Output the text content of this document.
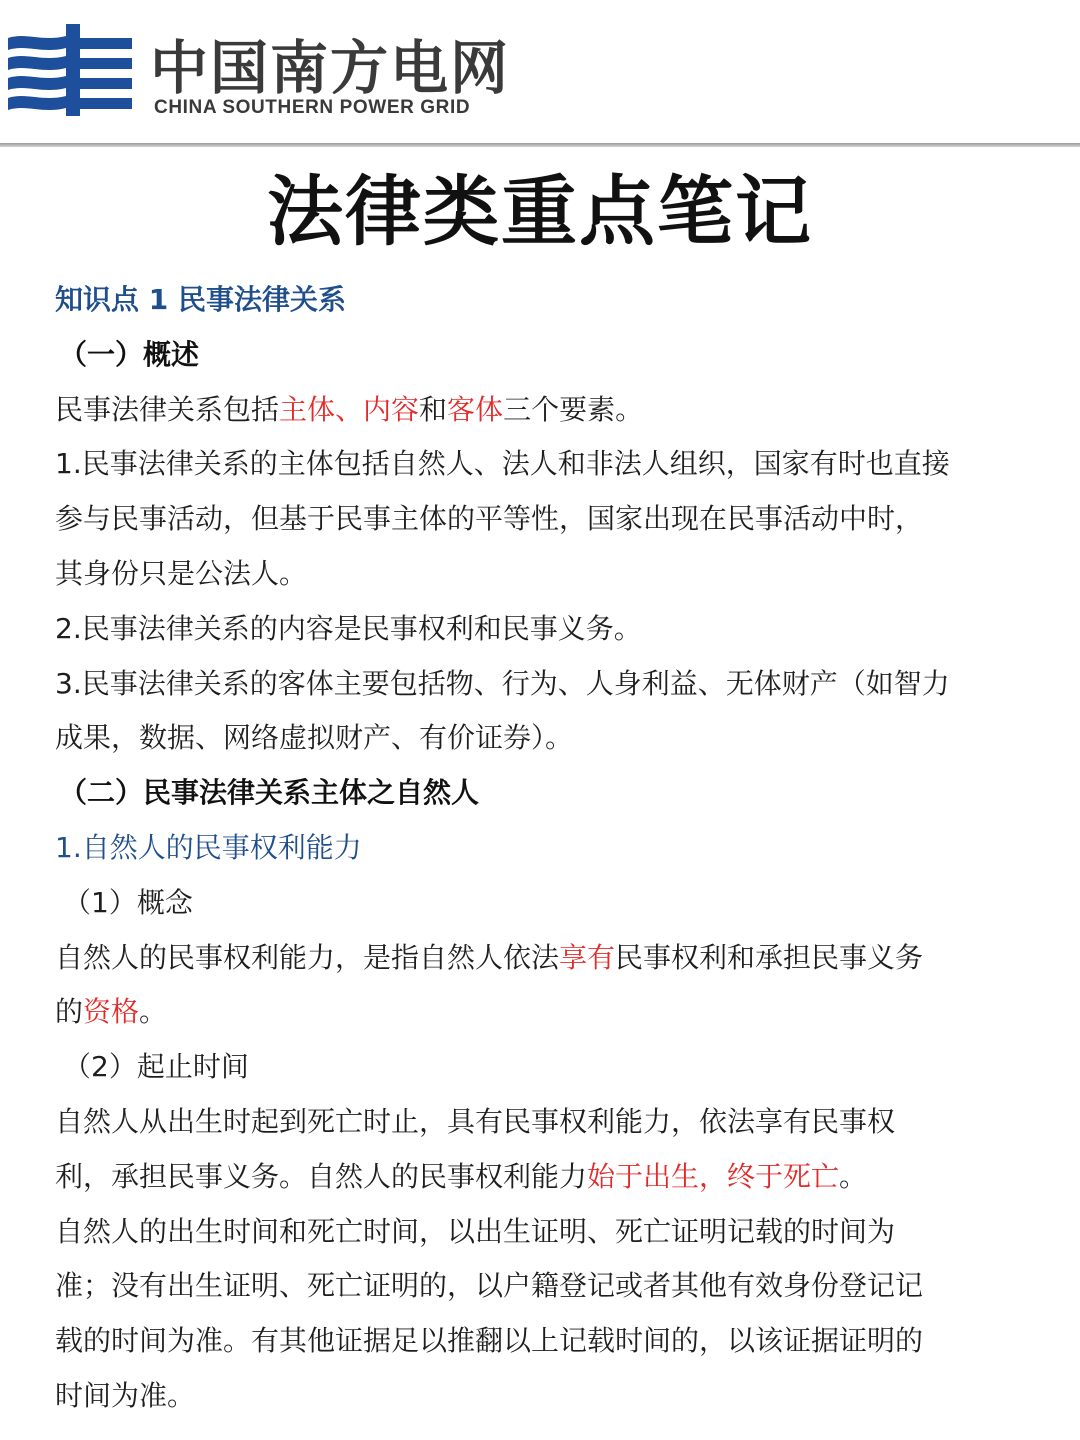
中国南方电网
CHINA SOUTHERN POWER GRID
法律类重点笔记
知识点 1 民事法律关系
（一）概述
民事法律关系包括主体、内容和客体三个要素。
1.民事法律关系的主体包括自然人、法人和非法人组织，国家有时也直接
参与民事活动，但基于民事主体的平等性，国家出现在民事活动中时，
其身份只是公法人。
2.民事法律关系的内容是民事权利和民事义务。
3.民事法律关系的客体主要包括物、行为、人身利益、无体财产（如智力
成果，数据、网络虚拟财产、有价证券）。
（二）民事法律关系主体之自然人
1.自然人的民事权利能力
（1）概念
自然人的民事权利能力，是指自然人依法享有民事权利和承担民事义务
的资格。
（2）起止时间
自然人从出生时起到死亡时止，具有民事权利能力，依法享有民事权
利，承担民事义务。自然人的民事权利能力始于出生，终于死亡。
自然人的出生时间和死亡时间，以出生证明、死亡证明记载的时间为
准；没有出生证明、死亡证明的，以户籍登记或者其他有效身份登记记
载的时间为准。有其他证据足以推翻以上记载时间的，以该证据证明的
时间为准。
